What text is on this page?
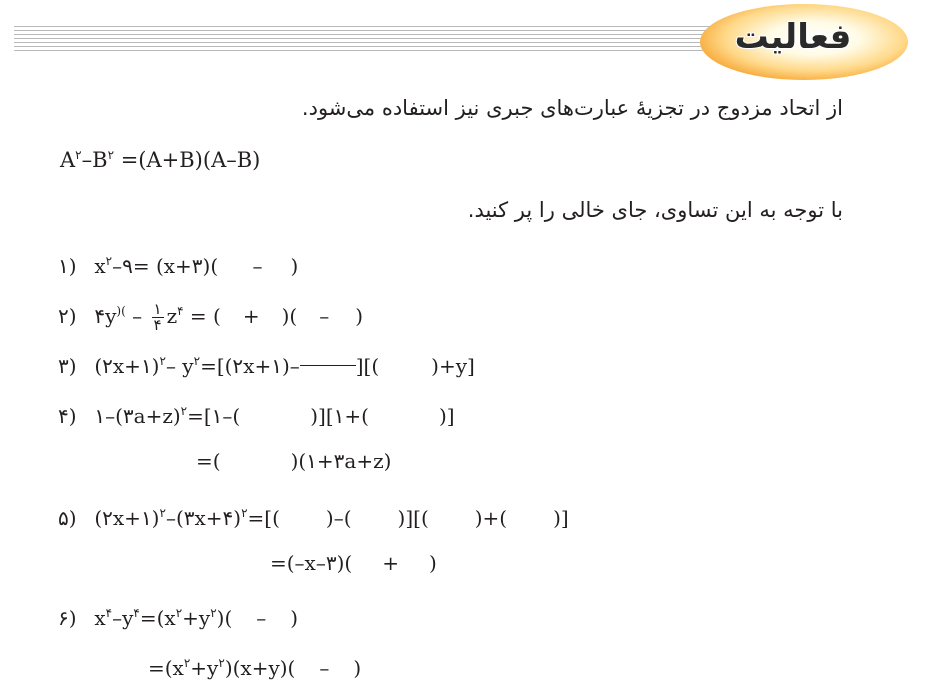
فعالیت
از اتحاد مزدوج در تجزیهٔ عبارت‌های جبری نیز استفاده می‌شود.
$A^۲-B^۲ =(A+B)(A-B)$
با توجه به این تساوی، جای خالی را پر کنید.
۱) $x^۲-۹=$ (x+۳)( – )
۲) ۴y)( – $\frac{۱}{۴} z^۴$ = ( + )( – )
۳) (۲x+۱)$^۲$– $y^۲=[(۲x+۱)-$	][(	)+y]
۴) ۱–(۳a+z)$^۲$=[۱–(	)][۱+(	)]
=(	)(۱+۳a+z)
۵) (۲x+۱)$^۲$–(۳x+۴)$^۲$=[( )–( )][( )+( )]
=(–x–۳)( + )
۶) $x^۴-y^۴=(x^۲+y^۲)$( – )
$=(x^۲+y^۲)(x+y)$( – )
